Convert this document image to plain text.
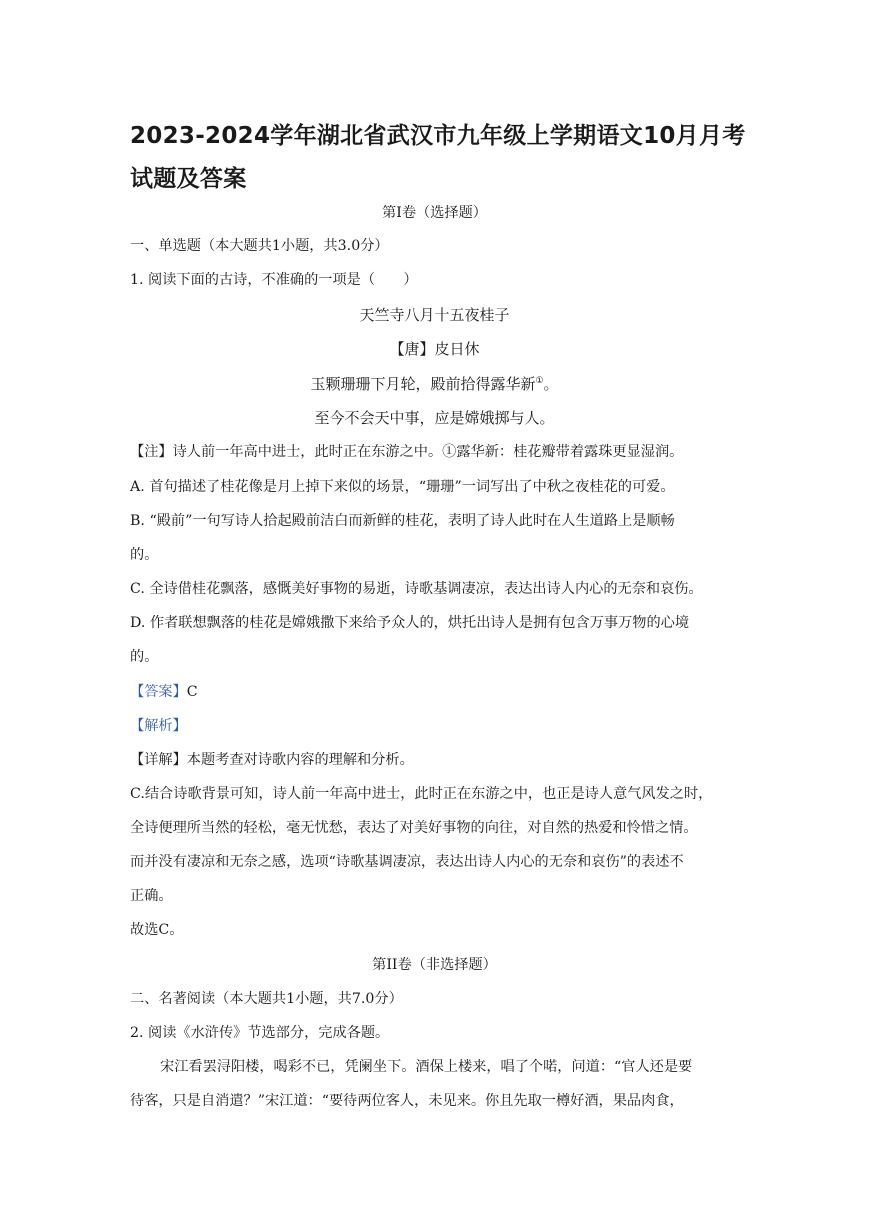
2023-2024学年湖北省武汉市九年级上学期语文10月月考
试题及答案
第I卷（选择题）
一、单选题（本大题共1小题，共3.0分）
1. 阅读下面的古诗，不准确的一项是（　　）
天竺寺八月十五夜桂子
【唐】皮日休
玉颗珊珊下月轮，殿前拾得露华新①。
至今不会天中事，应是嫦娥掷与人。
【注】诗人前一年高中进士，此时正在东游之中。①露华新：桂花瓣带着露珠更显湿润。
A. 首句描述了桂花像是月上掉下来似的场景，“珊珊”一词写出了中秋之夜桂花的可爱。
B. “殿前”一句写诗人拾起殿前洁白而新鲜的桂花，表明了诗人此时在人生道路上是顺畅
的。
C. 全诗借桂花飘落，感慨美好事物的易逝，诗歌基调凄凉，表达出诗人内心的无奈和哀伤。
D. 作者联想飘落的桂花是嫦娥撒下来给予众人的，烘托出诗人是拥有包含万事万物的心境
的。
【答案】C
【解析】
【详解】本题考查对诗歌内容的理解和分析。
C.结合诗歌背景可知，诗人前一年高中进士，此时正在东游之中，也正是诗人意气风发之时，
全诗便理所当然的轻松，毫无忧愁，表达了对美好事物的向往，对自然的热爱和怜惜之情。
而并没有凄凉和无奈之感，选项“诗歌基调凄凉，表达出诗人内心的无奈和哀伤”的表述不
正确。
故选C。
第II卷（非选择题）
二、名著阅读（本大题共1小题，共7.0分）
2. 阅读《水浒传》节选部分，完成各题。
宋江看罢浔阳楼，喝彩不已，凭阑坐下。酒保上楼来，唱了个喏，问道：“官人还是要
待客，只是自消遣？”宋江道：“要待两位客人，未见来。你且先取一樽好酒，果品肉食，
